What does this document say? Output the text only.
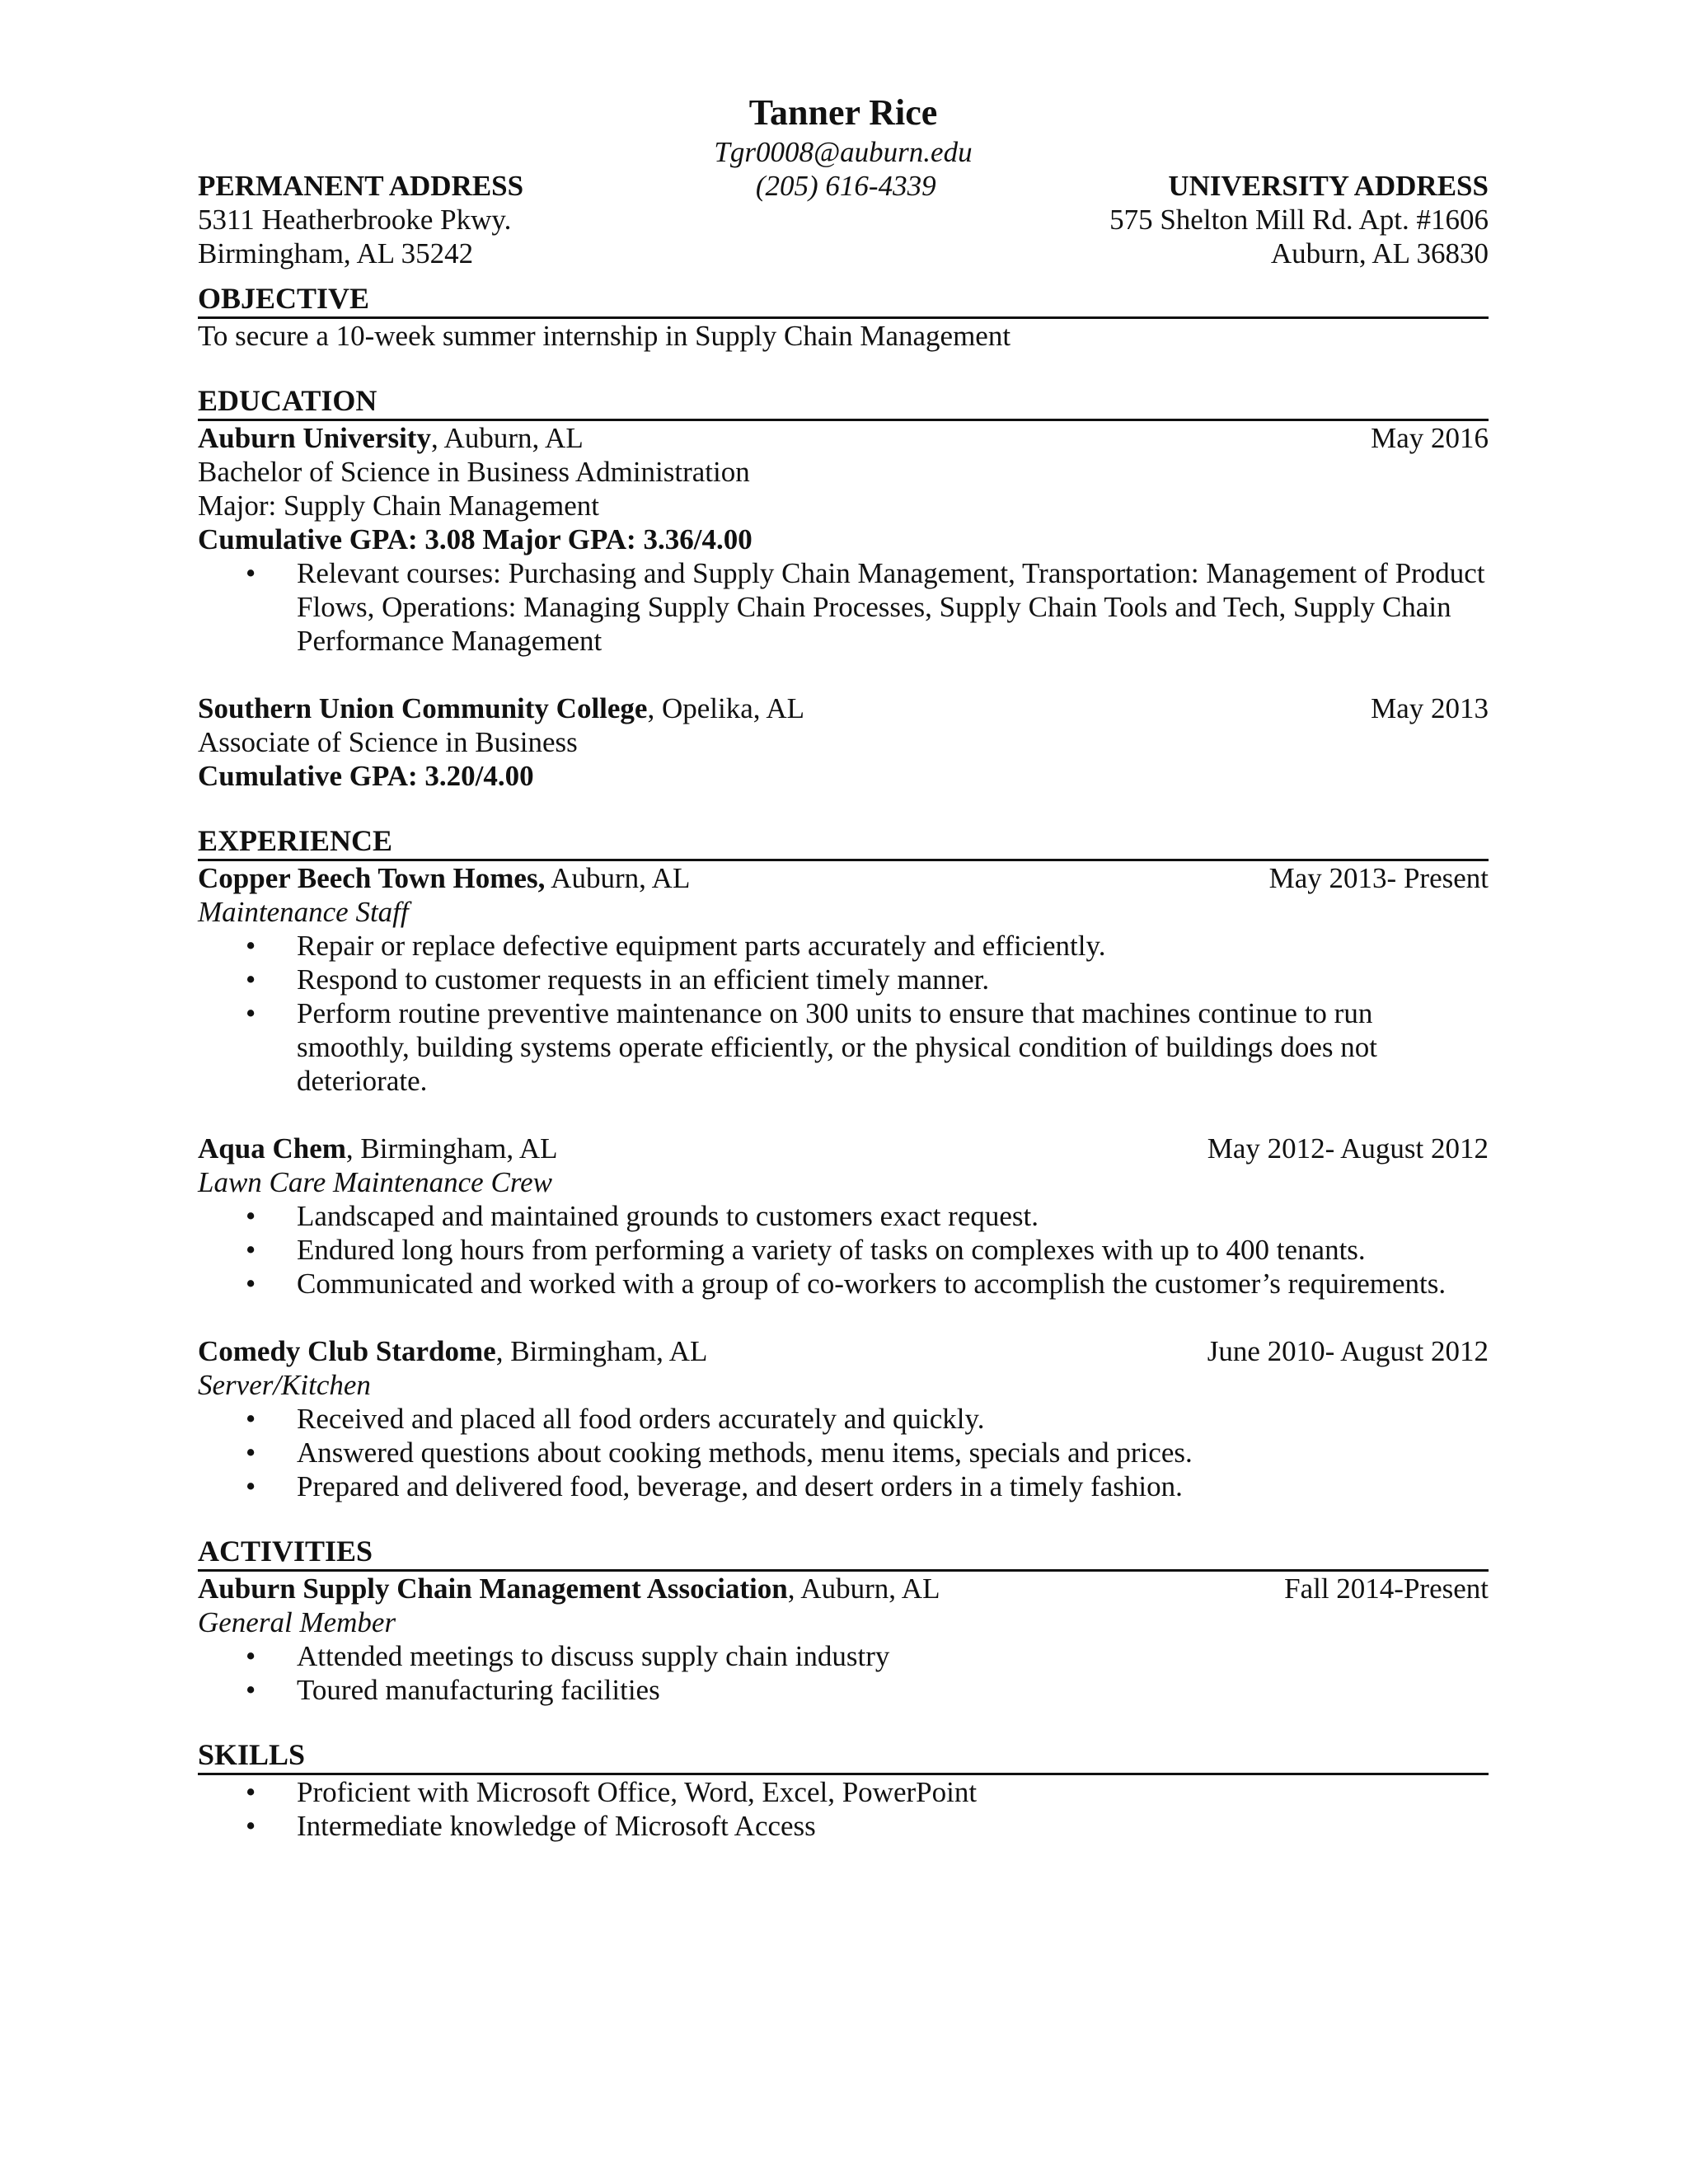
Tanner Rice
Tgr0008@auburn.edu
PERMANENT ADDRESS	(205) 616-4339	UNIVERSITY ADDRESS
5311 Heatherbrooke Pkwy.
Birmingham, AL 35242
575 Shelton Mill Rd. Apt. #1606
Auburn, AL 36830
OBJECTIVE
To secure a 10-week summer internship in Supply Chain Management
EDUCATION
Auburn University, Auburn, AL	May 2016
Bachelor of Science in Business Administration
Major: Supply Chain Management
Cumulative GPA: 3.08 Major GPA: 3.36/4.00
• Relevant courses: Purchasing and Supply Chain Management, Transportation: Management of Product Flows, Operations: Managing Supply Chain Processes, Supply Chain Tools and Tech, Supply Chain Performance Management
Southern Union Community College, Opelika, AL	May 2013
Associate of Science in Business
Cumulative GPA: 3.20/4.00
EXPERIENCE
Copper Beech Town Homes, Auburn, AL	May 2013- Present
Maintenance Staff
• Repair or replace defective equipment parts accurately and efficiently.
• Respond to customer requests in an efficient timely manner.
• Perform routine preventive maintenance on 300 units to ensure that machines continue to run smoothly, building systems operate efficiently, or the physical condition of buildings does not deteriorate.
Aqua Chem, Birmingham, AL	May 2012- August 2012
Lawn Care Maintenance Crew
• Landscaped and maintained grounds to customers exact request.
• Endured long hours from performing a variety of tasks on complexes with up to 400 tenants.
• Communicated and worked with a group of co-workers to accomplish the customer’s requirements.
Comedy Club Stardome, Birmingham, AL	June 2010- August 2012
Server/Kitchen
• Received and placed all food orders accurately and quickly.
• Answered questions about cooking methods, menu items, specials and prices.
• Prepared and delivered food, beverage, and desert orders in a timely fashion.
ACTIVITIES
Auburn Supply Chain Management Association, Auburn, AL	Fall 2014-Present
General Member
• Attended meetings to discuss supply chain industry
• Toured manufacturing facilities
SKILLS
• Proficient with Microsoft Office, Word, Excel, PowerPoint
• Intermediate knowledge of Microsoft Access
